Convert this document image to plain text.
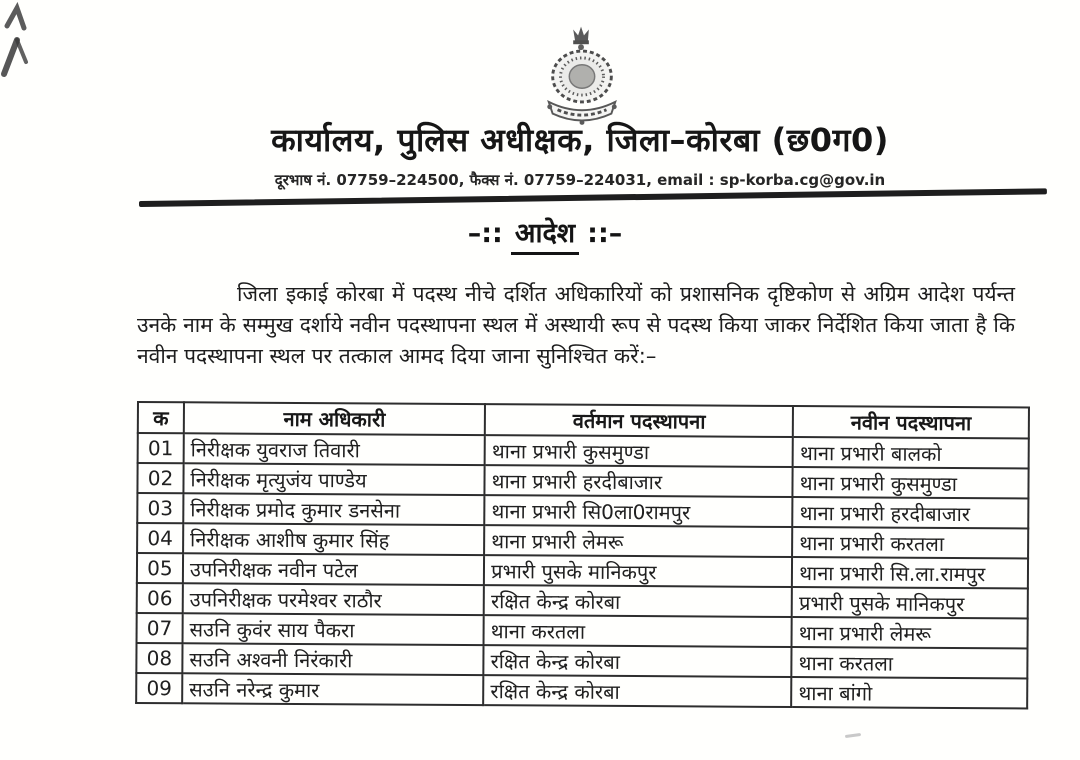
कार्यालय, पुलिस अधीक्षक, जिला–कोरबा (छ0ग0)
दूरभाष नं. 07759–224500, फैक्स नं. 07759–224031, email : sp-korba.cg@gov.in
–:: आदेश ::–
जिला इकाई कोरबा में पदस्थ नीचे दर्शित अधिकारियों को प्रशासनिक दृष्टिकोण से अग्रिम आदेश पर्यन्त उनके नाम के सम्मुख दर्शाये नवीन पदस्थापना स्थल में अस्थायी रूप से पदस्थ किया जाकर निर्देशित किया जाता है कि नवीन पदस्थापना स्थल पर तत्काल आमद दिया जाना सुनिश्चित करें:–
क	नाम अधिकारी	वर्तमान पदस्थापना	नवीन पदस्थापना
01	निरीक्षक युवराज तिवारी	थाना प्रभारी कुसमुण्डा	थाना प्रभारी बालको
02	निरीक्षक मृत्युजंय पाण्डेय	थाना प्रभारी हरदीबाजार	थाना प्रभारी कुसमुण्डा
03	निरीक्षक प्रमोद कुमार डनसेना	थाना प्रभारी सि0ला0रामपुर	थाना प्रभारी हरदीबाजार
04	निरीक्षक आशीष कुमार सिंह	थाना प्रभारी लेमरू	थाना प्रभारी करतला
05	उपनिरीक्षक नवीन पटेल	प्रभारी पुसके मानिकपुर	थाना प्रभारी सि.ला.रामपुर
06	उपनिरीक्षक परमेश्वर राठौर	रक्षित केन्द्र कोरबा	प्रभारी पुसके मानिकपुर
07	सउनि कुवंर साय पैकरा	थाना करतला	थाना प्रभारी लेमरू
08	सउनि अश्वनी निरंकारी	रक्षित केन्द्र कोरबा	थाना करतला
09	सउनि नरेन्द्र कुमार	रक्षित केन्द्र कोरबा	थाना बांगो
